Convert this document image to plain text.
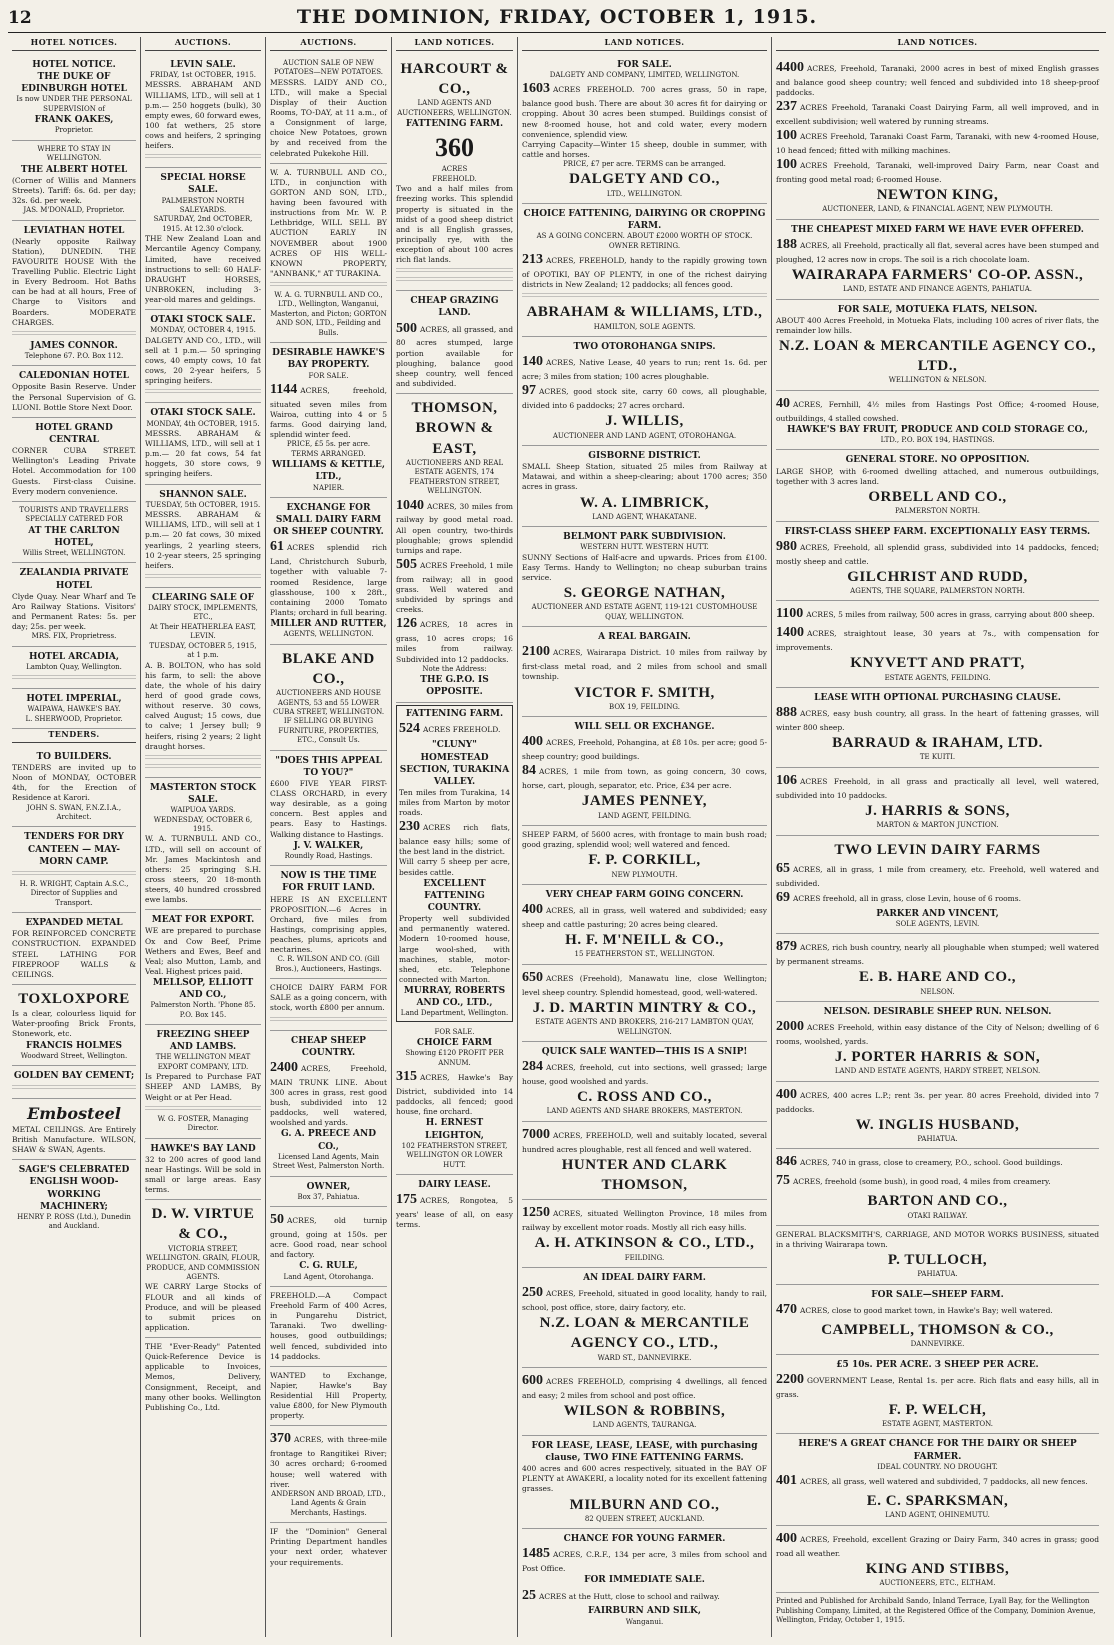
12	THE DOMINION, FRIDAY, OCTOBER 1, 1915.
HOTEL NOTICES.
HOTEL NOTICE.
THE DUKE OF EDINBURGH HOTEL
Is now UNDER THE PERSONAL SUPERVISION of
FRANK OAKES,
Proprietor.
WHERE TO STAY IN WELLINGTON.
THE ALBERT HOTEL
(Corner of Willis and Manners Streets). Tariff: 6s. 6d. per day; 32s. 6d. per week.
JAS. M'DONALD, Proprietor.
LEVIATHAN HOTEL
(Nearly opposite Railway Station), DUNEDIN. THE FAVOURITE HOUSE With the Travelling Public. Electric Light in Every Bedroom. Hot Baths can be had at all hours, Free of Charge to Visitors and Boarders. MODERATE CHARGES.
JAMES CONNOR.
Telephone 67. P.O. Box 112.
CALEDONIAN HOTEL
Opposite Basin Reserve. Under the Personal Supervision of G. LUONI. Bottle Store Next Door.
HOTEL GRAND CENTRAL
CORNER CUBA STREET. Wellington's Leading Private Hotel. Accommodation for 100 Guests. First-class Cuisine. Every modern convenience.
TOURISTS AND TRAVELLERS SPECIALLY CATERED FOR
AT THE CARLTON HOTEL,
Willis Street, WELLINGTON.
ZEALANDIA PRIVATE HOTEL
Clyde Quay. Near Wharf and Te Aro Railway Stations. Visitors' and Permanent Rates: 5s. per day; 25s. per week.
MRS. FIX, Proprietress.
HOTEL ARCADIA,
Lambton Quay, Wellington.
HOTEL IMPERIAL,
WAIPAWA, HAWKE'S BAY.
L. SHERWOOD, Proprietor.
TENDERS.
TO BUILDERS.
TENDERS are invited up to Noon of MONDAY, OCTOBER 4th, for the Erection of Residence at Karori.
JOHN S. SWAN, F.N.Z.I.A., Architect.
TENDERS FOR DRY CANTEEN — MAY-MORN CAMP.
H. R. WRIGHT, Captain A.S.C., Director of Supplies and Transport.
EXPANDED METAL
FOR REINFORCED CONCRETE CONSTRUCTION. EXPANDED STEEL LATHING FOR FIREPROOF WALLS & CEILINGS.
TOXLOXPORE
Is a clear, colourless liquid for Water-proofing Brick Fronts, Stonework, etc.
FRANCIS HOLMES
Woodward Street, Wellington.
GOLDEN BAY CEMENT;
Embosteel
METAL CEILINGS. Are Entirely British Manufacture. WILSON, SHAW & SWAN, Agents.
SAGE'S CELEBRATED ENGLISH WOOD-WORKING MACHINERY;
HENRY P. ROSS (Ltd.), Dunedin and Auckland.
AUCTIONS.
LEVIN SALE.
FRIDAY, 1st OCTOBER, 1915.
MESSRS. ABRAHAM AND WILLIAMS, LTD., will sell at 1 p.m.— 250 hoggets (bulk), 30 empty ewes, 60 forward ewes, 100 fat wethers, 25 store cows and heifers, 2 springing heifers.
SPECIAL HORSE SALE.
PALMERSTON NORTH SALEYARDS.
SATURDAY, 2nd OCTOBER, 1915. At 12.30 o'clock.
THE New Zealand Loan and Mercantile Agency Company, Limited, have received instructions to sell: 60 HALF-DRAUGHT HORSES, UNBROKEN, including 3-year-old mares and geldings.
OTAKI STOCK SALE.
MONDAY, OCTOBER 4, 1915.
DALGETY AND CO., LTD., will sell at 1 p.m.— 50 springing cows, 40 empty cows, 10 fat cows, 20 2-year heifers, 5 springing heifers.
OTAKI STOCK SALE.
MONDAY, 4th OCTOBER, 1915.
MESSRS. ABRAHAM & WILLIAMS, LTD., will sell at 1 p.m.— 20 fat cows, 54 fat hoggets, 30 store cows, 9 springing heifers.
SHANNON SALE.
TUESDAY, 5th OCTOBER, 1915.
MESSRS. ABRAHAM & WILLIAMS, LTD., will sell at 1 p.m.— 20 fat cows, 30 mixed yearlings, 2 yearling steers, 10 2-year steers, 25 springing heifers.
CLEARING SALE OF
DAIRY STOCK, IMPLEMENTS, ETC.,
At Their HEATHERLEA EAST, LEVIN.
TUESDAY, OCTOBER 5, 1915, at 1 p.m.
A. B. BOLTON, who has sold his farm, to sell: the above date, the whole of his dairy herd of good grade cows, without reserve. 30 cows, calved August; 15 cows, due to calve; 1 Jersey bull; 9 heifers, rising 2 years; 2 light draught horses.
MASTERTON STOCK SALE.
WAIPUOA YARDS.
WEDNESDAY, OCTOBER 6, 1915.
W. A. TURNBULL AND CO., LTD., will sell on account of Mr. James Mackintosh and others: 25 springing S.H. cross steers, 20 18-month steers, 40 hundred crossbred ewe lambs.
MEAT FOR EXPORT.
WE are prepared to purchase Ox and Cow Beef, Prime Wethers and Ewes, Beef and Veal; also Mutton, Lamb, and Veal. Highest prices paid.
MELLSOP, ELLIOTT AND CO.,
Palmerston North. 'Phone 85. P.O. Box 145.
FREEZING SHEEP AND LAMBS.
THE WELLINGTON MEAT EXPORT COMPANY, LTD.
Is Prepared to Purchase FAT SHEEP AND LAMBS, By Weight or at Per Head.
W. G. FOSTER, Managing Director.
HAWKE'S BAY LAND
32 to 200 acres of good land near Hastings. Will be sold in small or large areas. Easy terms.
D. W. VIRTUE & CO.,
VICTORIA STREET, WELLINGTON. GRAIN, FLOUR, PRODUCE, AND COMMISSION AGENTS.
WE CARRY Large Stocks of FLOUR and all kinds of Produce, and will be pleased to submit prices on application.
THE "Ever-Ready" Patented Quick-Reference Device is applicable to Invoices, Memos, Delivery, Consignment, Receipt, and many other books. Wellington Publishing Co., Ltd.
AUCTIONS.
AUCTION SALE OF NEW POTATOES—NEW POTATOES.
MESSRS. LAIDY AND CO., LTD., will make a Special Display of their Auction Rooms, TO-DAY, at 11 a.m., of a Consignment of large, choice New Potatoes, grown by and received from the celebrated Pukekohe Hill.
W. A. TURNBULL AND CO., LTD., in conjunction with GORTON AND SON, LTD., having been favoured with instructions from Mr. W. P. Lethbridge, WILL SELL BY AUCTION EARLY IN NOVEMBER about 1900 ACRES OF HIS WELL-KNOWN PROPERTY, "ANNBANK," AT TURAKINA.
W. A. G. TURNBULL AND CO., LTD., Wellington, Wanganui, Masterton, and Picton; GORTON AND SON, LTD., Feilding and Bulls.
DESIRABLE HAWKE'S BAY PROPERTY.
FOR SALE.
1144 ACRES, freehold, situated seven miles from Wairoa, cutting into 4 or 5 farms. Good dairying land, splendid winter feed.
PRICE, £5 5s. per acre.
TERMS ARRANGED.
WILLIAMS & KETTLE, LTD.,
NAPIER.
EXCHANGE FOR SMALL DAIRY FARM OR SHEEP COUNTRY.
61 ACRES splendid rich Land, Christchurch Suburb, together with valuable 7-roomed Residence, large glasshouse, 100 x 28ft., containing 2000 Tomato Plants; orchard in full bearing.
MILLER AND RUTTER,
AGENTS, WELLINGTON.
BLAKE AND CO.,
AUCTIONEERS AND HOUSE AGENTS, 53 and 55 LOWER CUBA STREET, WELLINGTON.
IF SELLING OR BUYING FURNITURE, PROPERTIES, ETC., Consult Us.
"DOES THIS APPEAL TO YOU?"
£600 FIVE YEAR FIRST-CLASS ORCHARD, in every way desirable, as a going concern. Best apples and pears. Easy to Hastings. Walking distance to Hastings.
J. V. WALKER,
Roundly Road, Hastings.
NOW IS THE TIME FOR FRUIT LAND.
HERE IS AN EXCELLENT PROPOSITION.—6 Acres in Orchard, five miles from Hastings, comprising apples, peaches, plums, apricots and nectarines.
C. R. WILSON AND CO. (Gill Bros.), Auctioneers, Hastings.
CHOICE DAIRY FARM FOR SALE as a going concern, with stock, worth £800 per annum.
CHEAP SHEEP COUNTRY.
2400 ACRES, Freehold, MAIN TRUNK LINE. About 300 acres in grass, rest good bush, subdivided into 12 paddocks, well watered, woolshed and yards.
G. A. PREECE AND CO.,
Licensed Land Agents, Main Street West, Palmerston North.
OWNER,
Box 37, Pahiatua.
50 ACRES, old turnip ground, going at 150s. per acre. Good road, near school and factory.
C. G. RULE,
Land Agent, Otorohanga.
FREEHOLD.—A Compact Freehold Farm of 400 Acres, in Pungarehu District, Taranaki. Two dwelling-houses, good outbuildings; well fenced, subdivided into 14 paddocks.
WANTED to Exchange, Napier, Hawke's Bay Residential Hill Property, value £800, for New Plymouth property.
370 ACRES, with three-mile frontage to Rangitikei River; 30 acres orchard; 6-roomed house; well watered with river.
ANDERSON AND BROAD, LTD., Land Agents & Grain Merchants, Hastings.
IF the "Dominion" General Printing Department handles your next order, whatever your requirements.
LAND NOTICES.
HARCOURT & CO.,
LAND AGENTS AND AUCTIONEERS, WELLINGTON.
FATTENING FARM.
360
ACRES
FREEHOLD.
Two and a half miles from freezing works. This splendid property is situated in the midst of a good sheep district and is all English grasses, principally rye, with the exception of about 100 acres rich flat lands.
CHEAP GRAZING LAND.
500 ACRES, all grassed, and 80 acres stumped, large portion available for ploughing, balance good sheep country, well fenced and subdivided.
THOMSON, BROWN & EAST,
AUCTIONEERS AND REAL ESTATE AGENTS, 174 FEATHERSTON STREET, WELLINGTON.
1040 ACRES, 30 miles from railway by good metal road. All open country, two-thirds ploughable; grows splendid turnips and rape.
505 ACRES Freehold, 1 mile from railway; all in good grass. Well watered and subdivided by springs and creeks.
126 ACRES, 18 acres in grass, 10 acres crops; 16 miles from railway. Subdivided into 12 paddocks.
Note the Address:
THE G.P.O. IS OPPOSITE.
FATTENING FARM.
524 ACRES FREEHOLD.
"CLUNY" HOMESTEAD SECTION, TURAKINA VALLEY.
Ten miles from Turakina, 14 miles from Marton by motor roads.
230 ACRES rich flats, balance easy hills; some of the best land in the district.
Will carry 5 sheep per acre, besides cattle.
EXCELLENT FATTENING COUNTRY.
Property well subdivided and permanently watered. Modern 10-roomed house, large wool-shed, with machines, stable, motor-shed, etc. Telephone connected with Marton.
MURRAY, ROBERTS AND CO., LTD.,
Land Department, Wellington.
FOR SALE.
CHOICE FARM
Showing £120 PROFIT PER ANNUM.
315 ACRES, Hawke's Bay District, subdivided into 14 paddocks, all fenced; good house, fine orchard.
H. ERNEST LEIGHTON,
102 FEATHERSTON STREET, WELLINGTON OR LOWER HUTT.
DAIRY LEASE.
175 ACRES, Rongotea, 5 years' lease of all, on easy terms.
LAND NOTICES.
FOR SALE.
DALGETY AND COMPANY, LIMITED, WELLINGTON.
1603 ACRES FREEHOLD. 700 acres grass, 50 in rape, balance good bush. There are about 30 acres fit for dairying or cropping. About 30 acres been stumped. Buildings consist of new 8-roomed house, hot and cold water, every modern convenience, splendid view.
Carrying Capacity—Winter 15 sheep, double in summer, with cattle and horses.
PRICE, £7 per acre. TERMS can be arranged.
DALGETY AND CO.,
LTD., WELLINGTON.
CHOICE FATTENING, DAIRYING OR CROPPING FARM.
AS A GOING CONCERN. ABOUT £2000 WORTH OF STOCK. OWNER RETIRING.
213 ACRES, FREEHOLD, handy to the rapidly growing town of OPOTIKI, BAY OF PLENTY, in one of the richest dairying districts in New Zealand; 12 paddocks; all fences good.
ABRAHAM & WILLIAMS, LTD.,
HAMILTON, SOLE AGENTS.
TWO OTOROHANGA SNIPS.
140 ACRES, Native Lease, 40 years to run; rent 1s. 6d. per acre; 3 miles from station; 100 acres ploughable.
97 ACRES, good stock site, carry 60 cows, all ploughable, divided into 6 paddocks; 27 acres orchard.
J. WILLIS,
AUCTIONEER AND LAND AGENT, OTOROHANGA.
GISBORNE DISTRICT.
SMALL Sheep Station, situated 25 miles from Railway at Matawai, and within a sheep-clearing; about 1700 acres; 350 acres in grass.
W. A. LIMBRICK,
LAND AGENT, WHAKATANE.
BELMONT PARK SUBDIVISION.
WESTERN HUTT. WESTERN HUTT.
SUNNY Sections of Half-acre and upwards. Prices from £100. Easy Terms. Handy to Wellington; no cheap suburban trains service.
S. GEORGE NATHAN,
AUCTIONEER AND ESTATE AGENT, 119-121 CUSTOMHOUSE QUAY, WELLINGTON.
A REAL BARGAIN.
2100 ACRES, Wairarapa District. 10 miles from railway by first-class metal road, and 2 miles from school and small township.
VICTOR F. SMITH,
BOX 19, FEILDING.
WILL SELL OR EXCHANGE.
400 ACRES, Freehold, Pohangina, at £8 10s. per acre; good 5-sheep country; good buildings.
84 ACRES, 1 mile from town, as going concern, 30 cows, horse, cart, plough, separator, etc. Price, £34 per acre.
JAMES PENNEY,
LAND AGENT, FEILDING.
SHEEP FARM, of 5600 acres, with frontage to main bush road; good grazing, splendid wool; well watered and fenced.
F. P. CORKILL,
NEW PLYMOUTH.
VERY CHEAP FARM GOING CONCERN.
400 ACRES, all in grass, well watered and subdivided; easy sheep and cattle pasturing; 20 acres being cleared.
H. F. M'NEILL & CO.,
15 FEATHERSTON ST., WELLINGTON.
650 ACRES (Freehold), Manawatu line, close Wellington; level sheep country. Splendid homestead, good, well-watered.
J. D. MARTIN MINTRY & CO.,
ESTATE AGENTS AND BROKERS, 216-217 LAMBTON QUAY, WELLINGTON.
QUICK SALE WANTED—THIS IS A SNIP!
284 ACRES, freehold, cut into sections, well grassed; large house, good woolshed and yards.
C. ROSS AND CO.,
LAND AGENTS AND SHARE BROKERS, MASTERTON.
7000 ACRES, FREEHOLD, well and suitably located, several hundred acres ploughable, rest all fenced and well watered.
HUNTER AND CLARK THOMSON,
1250 ACRES, situated Wellington Province, 18 miles from railway by excellent motor roads. Mostly all rich easy hills.
A. H. ATKINSON & CO., LTD.,
FEILDING.
AN IDEAL DAIRY FARM.
250 ACRES, Freehold, situated in good locality, handy to rail, school, post office, store, dairy factory, etc.
N.Z. LOAN & MERCANTILE AGENCY CO., LTD.,
WARD ST., DANNEVIRKE.
600 ACRES FREEHOLD, comprising 4 dwellings, all fenced and easy; 2 miles from school and post office.
WILSON & ROBBINS,
LAND AGENTS, TAURANGA.
FOR LEASE, LEASE, LEASE, with purchasing clause, TWO FINE FATTENING FARMS.
400 acres and 600 acres respectively, situated in the BAY OF PLENTY at AWAKERI, a locality noted for its excellent fattening grasses.
MILBURN AND CO.,
82 QUEEN STREET, AUCKLAND.
CHANCE FOR YOUNG FARMER.
1485 ACRES, C.R.F., 134 per acre, 3 miles from school and Post Office.
FOR IMMEDIATE SALE.
25 ACRES at the Hutt, close to school and railway.
FAIRBURN AND SILK,
Wanganui.
LAND NOTICES.
4400 ACRES, Freehold, Taranaki, 2000 acres in best of mixed English grasses and balance good sheep country; well fenced and subdivided into 18 sheep-proof paddocks.
237 ACRES Freehold, Taranaki Coast Dairying Farm, all well improved, and in excellent subdivision; well watered by running streams.
100 ACRES Freehold, Taranaki Coast Farm, Taranaki, with new 4-roomed House, 10 head fenced; fitted with milking machines.
100 ACRES Freehold, Taranaki, well-improved Dairy Farm, near Coast and fronting good metal road; 6-roomed House.
NEWTON KING,
AUCTIONEER, LAND, & FINANCIAL AGENT, NEW PLYMOUTH.
THE CHEAPEST MIXED FARM WE HAVE EVER OFFERED.
188 ACRES, all Freehold, practically all flat, several acres have been stumped and ploughed, 12 acres now in crops. The soil is a rich chocolate loam.
WAIRARAPA FARMERS' CO-OP. ASSN.,
LAND, ESTATE AND FINANCE AGENTS, PAHIATUA.
FOR SALE, MOTUEKA FLATS, NELSON.
ABOUT 400 Acres Freehold, in Motueka Flats, including 100 acres of river flats, the remainder low hills.
N.Z. LOAN & MERCANTILE AGENCY CO., LTD.,
WELLINGTON & NELSON.
40 ACRES, Fernhill, 4½ miles from Hastings Post Office; 4-roomed House, outbuildings, 4 stalled cowshed.
HAWKE'S BAY FRUIT, PRODUCE AND COLD STORAGE CO.,
LTD., P.O. BOX 194, HASTINGS.
GENERAL STORE. NO OPPOSITION.
LARGE SHOP, with 6-roomed dwelling attached, and numerous outbuildings, together with 3 acres land.
ORBELL AND CO.,
PALMERSTON NORTH.
FIRST-CLASS SHEEP FARM. EXCEPTIONALLY EASY TERMS.
980 ACRES, Freehold, all splendid grass, subdivided into 14 paddocks, fenced; mostly sheep and cattle.
GILCHRIST AND RUDD,
AGENTS, THE SQUARE, PALMERSTON NORTH.
1100 ACRES, 5 miles from railway, 500 acres in grass, carrying about 800 sheep.
1400 ACRES, straightout lease, 30 years at 7s., with compensation for improvements.
KNYVETT AND PRATT,
ESTATE AGENTS, FEILDING.
LEASE WITH OPTIONAL PURCHASING CLAUSE.
888 ACRES, easy bush country, all grass. In the heart of fattening grasses, will winter 800 sheep.
BARRAUD & IRAHAM, LTD.
TE KUITI.
106 ACRES Freehold, in all grass and practically all level, well watered, subdivided into 10 paddocks.
J. HARRIS & SONS,
MARTON & MARTON JUNCTION.
TWO LEVIN DAIRY FARMS
65 ACRES, all in grass, 1 mile from creamery, etc. Freehold, well watered and subdivided.
69 ACRES freehold, all in grass, close Levin, house of 6 rooms.
PARKER AND VINCENT,
SOLE AGENTS, LEVIN.
879 ACRES, rich bush country, nearly all ploughable when stumped; well watered by permanent streams.
E. B. HARE AND CO.,
NELSON.
NELSON. DESIRABLE SHEEP RUN. NELSON.
2000 ACRES Freehold, within easy distance of the City of Nelson; dwelling of 6 rooms, woolshed, yards.
J. PORTER HARRIS & SON,
LAND AND ESTATE AGENTS, HARDY STREET, NELSON.
400 ACRES, 400 acres L.P.; rent 3s. per year. 80 acres Freehold, divided into 7 paddocks.
W. INGLIS HUSBAND,
PAHIATUA.
846 ACRES, 740 in grass, close to creamery, P.O., school. Good buildings.
75 ACRES, freehold (some bush), in good road, 4 miles from creamery.
BARTON AND CO.,
OTAKI RAILWAY.
GENERAL BLACKSMITH'S, CARRIAGE, AND MOTOR WORKS BUSINESS, situated in a thriving Wairarapa town.
P. TULLOCH,
PAHIATUA.
FOR SALE—SHEEP FARM.
470 ACRES, close to good market town, in Hawke's Bay; well watered.
CAMPBELL, THOMSON & CO.,
DANNEVIRKE.
£5 10s. PER ACRE. 3 SHEEP PER ACRE.
2200 GOVERNMENT Lease, Rental 1s. per acre. Rich flats and easy hills, all in grass.
F. P. WELCH,
ESTATE AGENT, MASTERTON.
HERE'S A GREAT CHANCE FOR THE DAIRY OR SHEEP FARMER.
IDEAL COUNTRY. NO DROUGHT.
401 ACRES, all grass, well watered and subdivided, 7 paddocks, all new fences.
E. C. SPARKSMAN,
LAND AGENT, OHINEMUTU.
400 ACRES, Freehold, excellent Grazing or Dairy Farm, 340 acres in grass; good road all weather.
KING AND STIBBS,
AUCTIONEERS, ETC., ELTHAM.
Printed and Published for Archibald Sando, Inland Terrace, Lyall Bay, for the Wellington Publishing Company, Limited, at the Registered Office of the Company, Dominion Avenue, Wellington, Friday, October 1, 1915.
